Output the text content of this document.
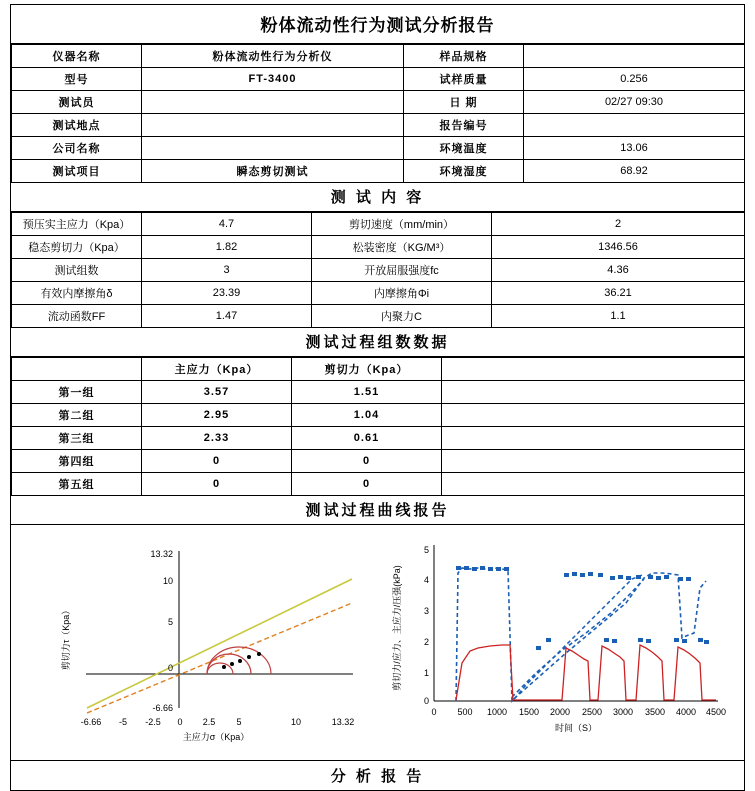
粉体流动性行为测试分析报告
仪器名称	粉体流动性行为分析仪	样品规格	
型号	FT-3400	试样质量	0.256
测试员		日 期	02/27 09:30
测试地点		报告编号	
公司名称		环境温度	13.06
测试项目	瞬态剪切测试	环境湿度	68.92
测 试 内 容
预压实主应力（Kpa）	4.7	剪切速度（mm/min）	2
稳态剪切力（Kpa）	1.82	松装密度（KG/M³）	1346.56
测试组数	3	开放屈服强度fc	4.36
有效内摩擦角δ	23.39	内摩擦角Φi	36.21
流动函数FF	1.47	内聚力C	1.1
测试过程组数数据
	主应力（Kpa）	剪切力（Kpa）	
第一组	3.57	1.51	
第二组	2.95	1.04	
第三组	2.33	0.61	
第四组	0	0	
第五组	0	0	
测试过程曲线报告
13.32
10
5
0
-6.66
-6.66 -5 -2.5 0 2.5 5	10	13.32
剪切力τ（Kpa）
主应力σ（Kpa）
0
1
2
3
4
5
0 500 1000 1500 2000 2500 3000 3500 4000 4500
剪切力/应力、主应力/压强(kPa)
时间（S）
分 析 报 告
